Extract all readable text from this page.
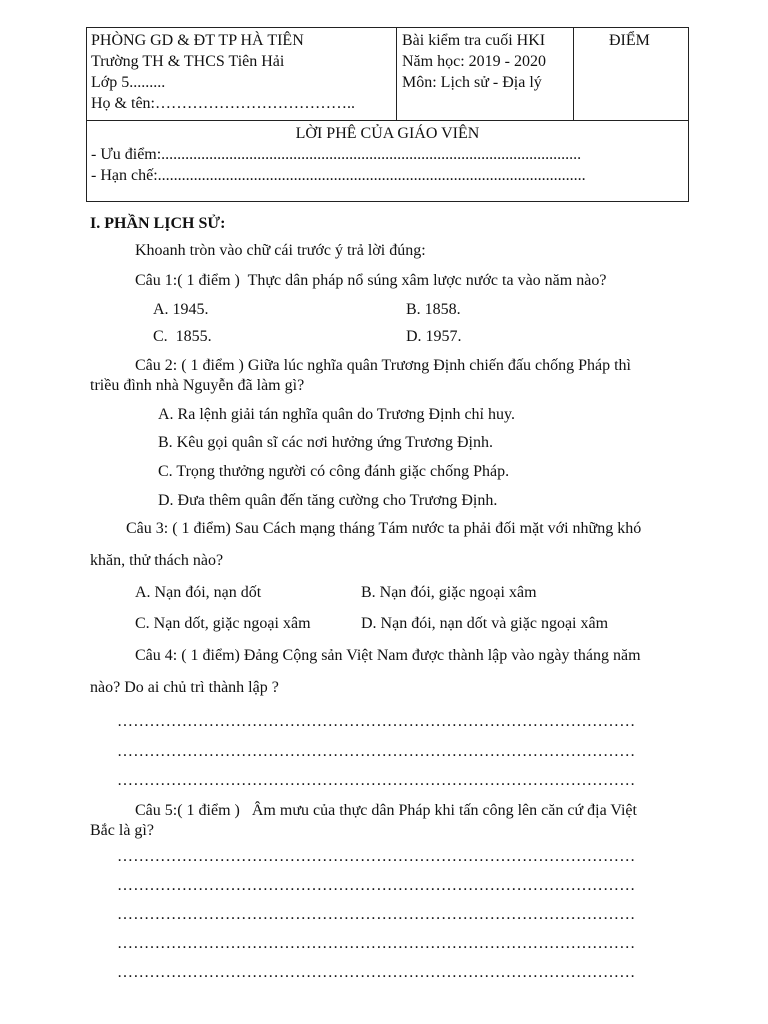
PHÒNG GD & ĐT TP HÀ TIÊN
Trường TH & THCS Tiên Hải
Lớp 5.........
Họ & tên:………………………………..
Bài kiểm tra cuối HKI
Năm học: 2019 - 2020
Môn: Lịch sử - Địa lý
ĐIỂM
LỜI PHÊ CỦA GIÁO VIÊN
- Ưu điểm:.........................................................................................................
- Hạn chế:...........................................................................................................
I. PHẦN LỊCH SỬ:
Khoanh tròn vào chữ cái trước ý trả lời đúng:
Câu 1:( 1 điểm )  Thực dân pháp nổ súng xâm lược nước ta vào năm nào?
A. 1945.	B. 1858.
C.  1855.	D. 1957.
Câu 2: ( 1 điểm ) Giữa lúc nghĩa quân Trương Định chiến đấu chống Pháp thì
triều đình nhà Nguyễn đã làm gì?
A. Ra lệnh giải tán nghĩa quân do Trương Định chỉ huy.
B. Kêu gọi quân sĩ các nơi hưởng ứng Trương Định.
C. Trọng thưởng người có công đánh giặc chống Pháp.
D. Đưa thêm quân đến tăng cường cho Trương Định.
Câu 3: ( 1 điểm) Sau Cách mạng tháng Tám nước ta phải đối mặt với những khó
khăn, thử thách nào?
A. Nạn đói, nạn dốt	B. Nạn đói, giặc ngoại xâm
C. Nạn dốt, giặc ngoại xâm	D. Nạn đói, nạn dốt và giặc ngoại xâm
Câu 4: ( 1 điểm) Đảng Cộng sản Việt Nam được thành lập vào ngày tháng năm
nào? Do ai chủ trì thành lập ?
……………………………………………………………………………………
……………………………………………………………………………………
……………………………………………………………………………………
Câu 5:( 1 điểm )   Âm mưu của thực dân Pháp khi tấn công lên căn cứ địa Việt
Bắc là gì?
……………………………………………………………………………………
……………………………………………………………………………………
……………………………………………………………………………………
……………………………………………………………………………………
……………………………………………………………………………………
